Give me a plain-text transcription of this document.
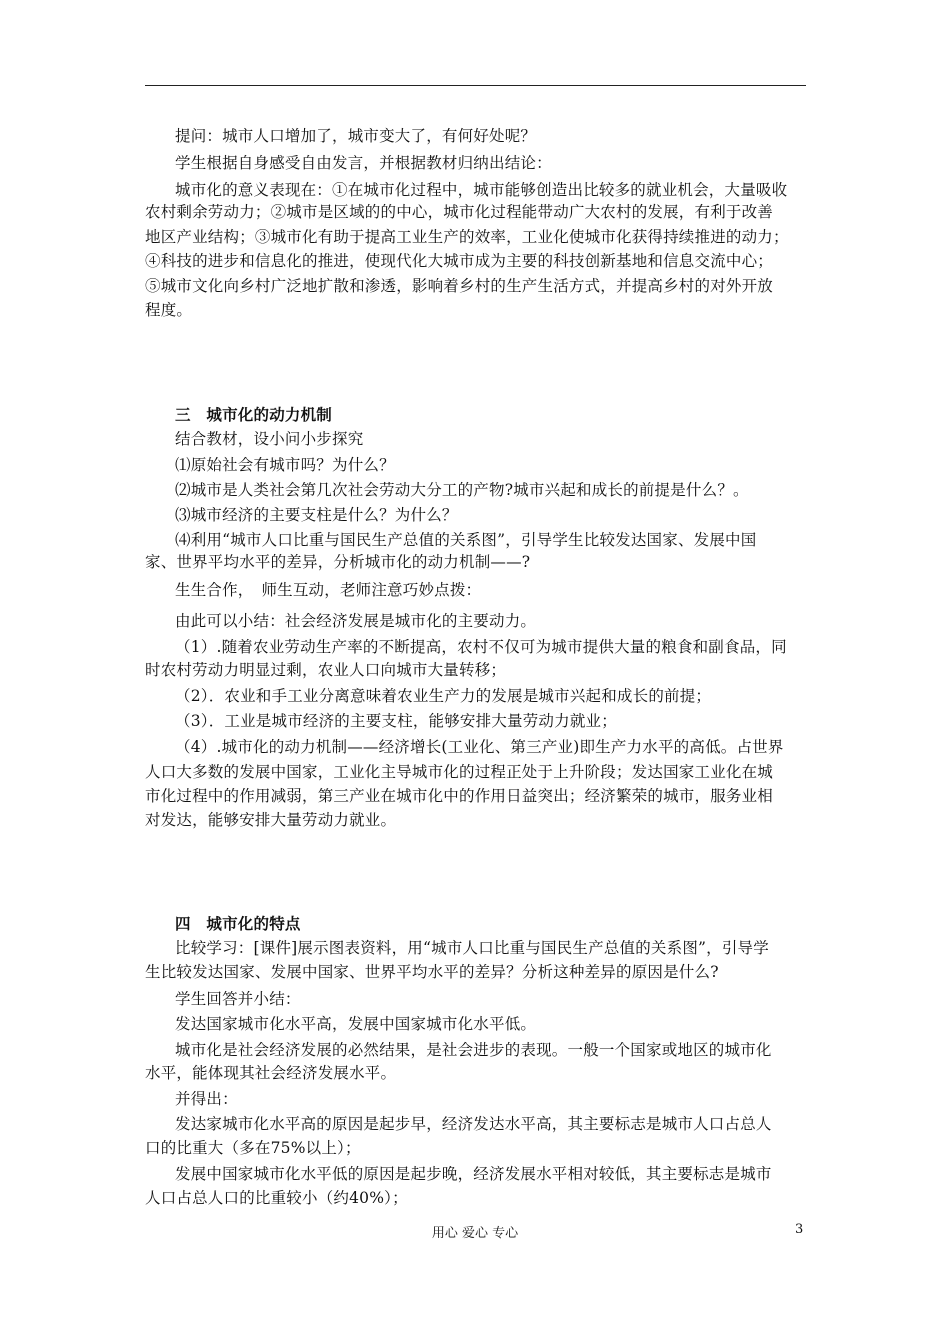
提问：城市人口增加了，城市变大了，有何好处呢？
学生根据自身感受自由发言，并根据教材归纳出结论：
城市化的意义表现在：①在城市化过程中，城市能够创造出比较多的就业机会，大量吸收
农村剩余劳动力；②城市是区域的的中心，城市化过程能带动广大农村的发展，有利于改善
地区产业结构；③城市化有助于提高工业生产的效率，工业化使城市化获得持续推进的动力；
④科技的进步和信息化的推进，使现代化大城市成为主要的科技创新基地和信息交流中心；
⑤城市文化向乡村广泛地扩散和渗透，影响着乡村的生产生活方式，并提高乡村的对外开放
程度。
三　城市化的动力机制
结合教材，设小问小步探究
⑴原始社会有城市吗？为什么？
⑵城市是人类社会第几次社会劳动大分工的产物?城市兴起和成长的前提是什么？。
⑶城市经济的主要支柱是什么？为什么？
⑷利用“城市人口比重与国民生产总值的关系图”，引导学生比较发达国家、发展中国
家、世界平均水平的差异，分析城市化的动力机制——?
生生合作，　师生互动，老师注意巧妙点拨：
由此可以小结：社会经济发展是城市化的主要动力。
（1）.随着农业劳动生产率的不断提高，农村不仅可为城市提供大量的粮食和副食品，同
时农村劳动力明显过剩，农业人口向城市大量转移；
（2）．农业和手工业分离意味着农业生产力的发展是城市兴起和成长的前提；
（3）．工业是城市经济的主要支柱，能够安排大量劳动力就业；
（4）.城市化的动力机制——经济增长(工业化、第三产业)即生产力水平的高低。占世界
人口大多数的发展中国家，工业化主导城市化的过程正处于上升阶段；发达国家工业化在城
市化过程中的作用减弱，第三产业在城市化中的作用日益突出；经济繁荣的城市，服务业相
对发达，能够安排大量劳动力就业。
四　城市化的特点
比较学习：[课件]展示图表资料，用“城市人口比重与国民生产总值的关系图”，引导学
生比较发达国家、发展中国家、世界平均水平的差异？分析这种差异的原因是什么?
学生回答并小结：
发达国家城市化水平高，发展中国家城市化水平低。
城市化是社会经济发展的必然结果，是社会进步的表现。一般一个国家或地区的城市化
水平，能体现其社会经济发展水平。
并得出：
发达家城市化水平高的原因是起步早，经济发达水平高，其主要标志是城市人口占总人
口的比重大（多在75%以上）；
发展中国家城市化水平低的原因是起步晚，经济发展水平相对较低，其主要标志是城市
人口占总人口的比重较小（约40%）；
用心 爱心 专心	3
